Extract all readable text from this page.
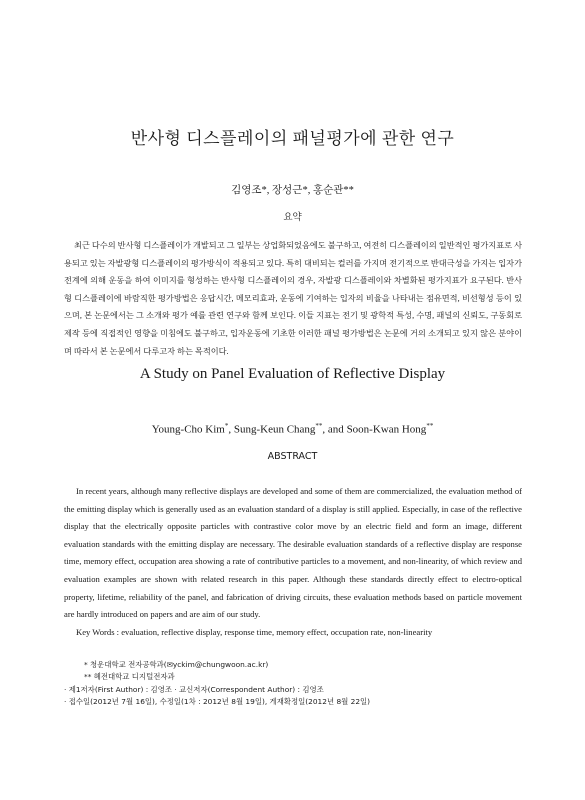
반사형 디스플레이의 패널평가에 관한 연구
김영조*, 장성근*, 홍순관**
요약

최근 다수의 반사형 디스플레이가 개발되고 그 일부는 상업화되었음에도 불구하고, 여전히 디스플레이의 일반적인 평가지표로 사용되고 있는 자발광형 디스플레이의 평가방식이 적용되고 있다. 특히 대비되는 컬러를 가지며 전기적으로 반대극성을 가지는 입자가 전계에 의해 운동을 하여 이미지를 형성하는 반사형 디스플레이의 경우, 자발광 디스플레이와 차별화된 평가지표가 요구된다. 반사형 디스플레이에 바람직한 평가방법은 응답시간, 메모리효과, 운동에 기여하는 입자의 비율을 나타내는 점유면적, 비선형성 등이 있으며, 본 논문에서는 그 소개와 평가 예를 관련 연구와 함께 보인다. 이들 지표는 전기 및 광학적 특성, 수명, 패널의 신뢰도, 구동회로 제작 등에 직접적인 영향을 미침에도 불구하고, 입자운동에 기초한 이러한 패널 평가방법은 논문에 거의 소개되고 있지 않은 분야이며 따라서 본 논문에서 다루고자 하는 목적이다.

A Study on Panel Evaluation of Reflective Display
Young-Cho Kim*, Sung-Keun Chang**, and Soon-Kwan Hong**
ABSTRACT

In recent years, although many reflective displays are developed and some of them are commercialized, the evaluation method of the emitting display which is generally used as an evaluation standard of a display is still applied. Especially, in case of the reflective display that the electrically opposite particles with contrastive color move by an electric field and form an image, different evaluation standards with the emitting display are necessary. The desirable evaluation standards of a reflective display are response time, memory effect, occupation area showing a rate of contributive particles to a movement, and non-linearity, of which review and evaluation examples are shown with related research in this paper. Although these standards directly effect to electro-optical property, lifetime, reliability of the panel, and fabrication of driving circuits, these evaluation methods based on particle movement are hardly introduced on papers and are aim of our study.

Key Words : evaluation, reflective display, response time, memory effect, occupation rate, non-linearity
* 청운대학교 전자공학과(✉yckim@chungwoon.ac.kr)
** 혜전대학교 디지털전자과
· 제1저자(First Author) : 김영조 · 교신저자(Correspondent Author) : 김영조
· 접수일(2012년 7월 16일), 수정일(1차 : 2012년 8월 19일), 게재확정일(2012년 8월 22일)
